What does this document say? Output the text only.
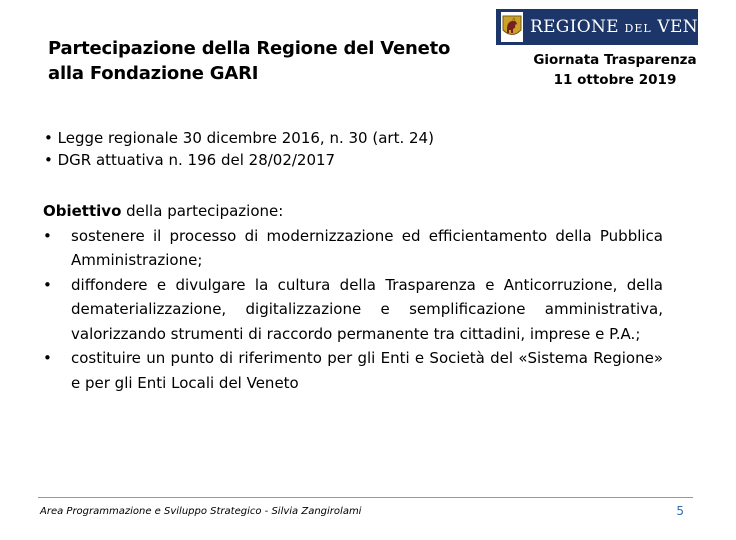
Partecipazione della Regione del Veneto
alla Fondazione GARI
REGIONE DEL VENETO
Giornata Trasparenza
11 ottobre 2019
• Legge regionale 30 dicembre 2016, n. 30 (art. 24)
• DGR attuativa n. 196 del 28/02/2017
Obiettivo della partecipazione:
• sostenere il processo di modernizzazione ed efficientamento della Pubblica Amministrazione;
• diffondere e divulgare la cultura della Trasparenza e Anticorruzione, della dematerializzazione, digitalizzazione e semplificazione amministrativa, valorizzando strumenti di raccordo permanente tra cittadini, imprese e P.A.;
• costituire un punto di riferimento per gli Enti e Società del «Sistema Regione» e per gli Enti Locali del Veneto
Area Programmazione e Sviluppo Strategico - Silvia Zangirolami	5
